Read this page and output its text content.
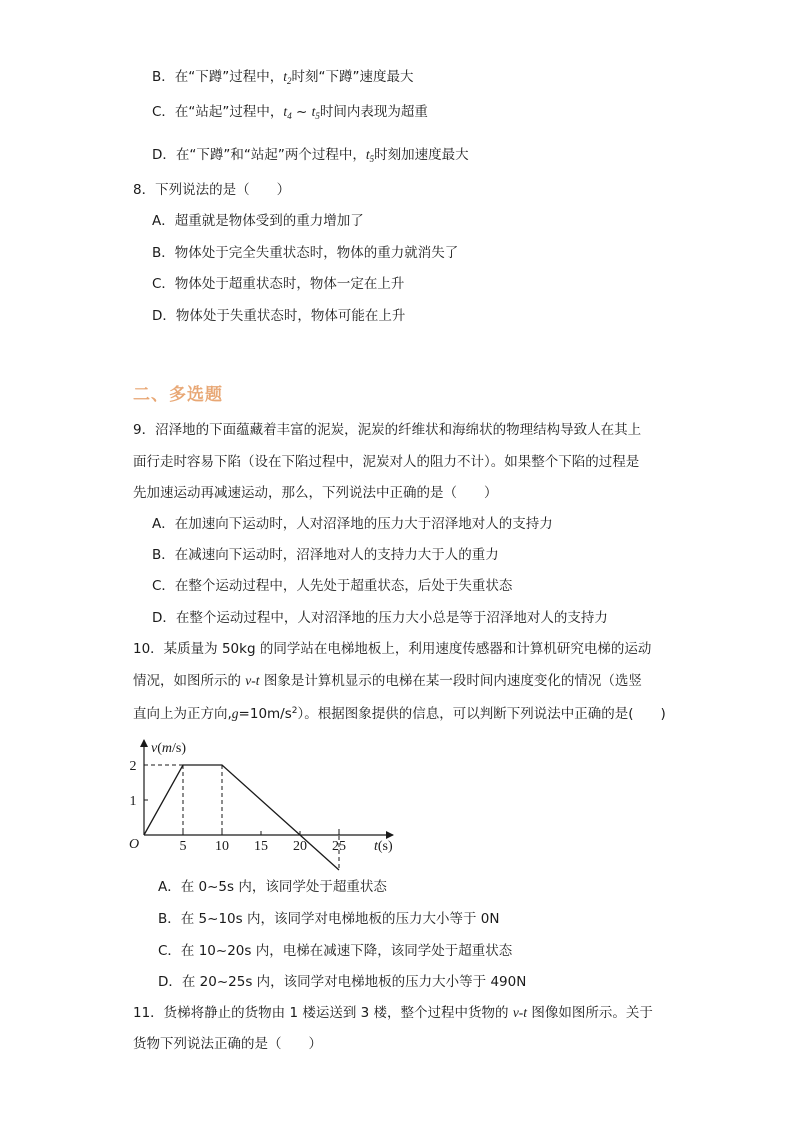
B．在“下蹲”过程中，$t_2$时刻“下蹲”速度最大
C．在“站起”过程中，$t_4$ ~ $t_5$时间内表现为超重
D．在“下蹲”和“站起”两个过程中，$t_5$时刻加速度最大
8．下列说法的是（　　）
A．超重就是物体受到的重力增加了
B．物体处于完全失重状态时，物体的重力就消失了
C．物体处于超重状态时，物体一定在上升
D．物体处于失重状态时，物体可能在上升
二、多选题
9．沼泽地的下面蕴藏着丰富的泥炭，泥炭的纤维状和海绵状的物理结构导致人在其上
面行走时容易下陷（设在下陷过程中，泥炭对人的阻力不计）。如果整个下陷的过程是
先加速运动再减速运动，那么，下列说法中正确的是（　　）
A．在加速向下运动时，人对沼泽地的压力大于沼泽地对人的支持力
B．在减速向下运动时，沼泽地对人的支持力大于人的重力
C．在整个运动过程中，人先处于超重状态，后处于失重状态
D．在整个运动过程中，人对沼泽地的压力大小总是等于沼泽地对人的支持力
10．某质量为 50kg 的同学站在电梯地板上，利用速度传感器和计算机研究电梯的运动
情况，如图所示的 v-t 图象是计算机显示的电梯在某一段时间内速度变化的情况（选竖
直向上为正方向$,g=10m/s^2$）。根据图象提供的信息，可以判断下列说法中正确的是(　　)
O
2
1
5 10 15 20 25
v(m/s)
t(s)
A．在 0~5s 内，该同学处于超重状态
B．在 5~10s 内，该同学对电梯地板的压力大小等于 0N
C．在 10~20s 内，电梯在减速下降，该同学处于超重状态
D．在 20~25s 内，该同学对电梯地板的压力大小等于 490N
11．货梯将静止的货物由 1 楼运送到 3 楼，整个过程中货物的 v-t 图像如图所示。关于
货物下列说法正确的是（　　）
